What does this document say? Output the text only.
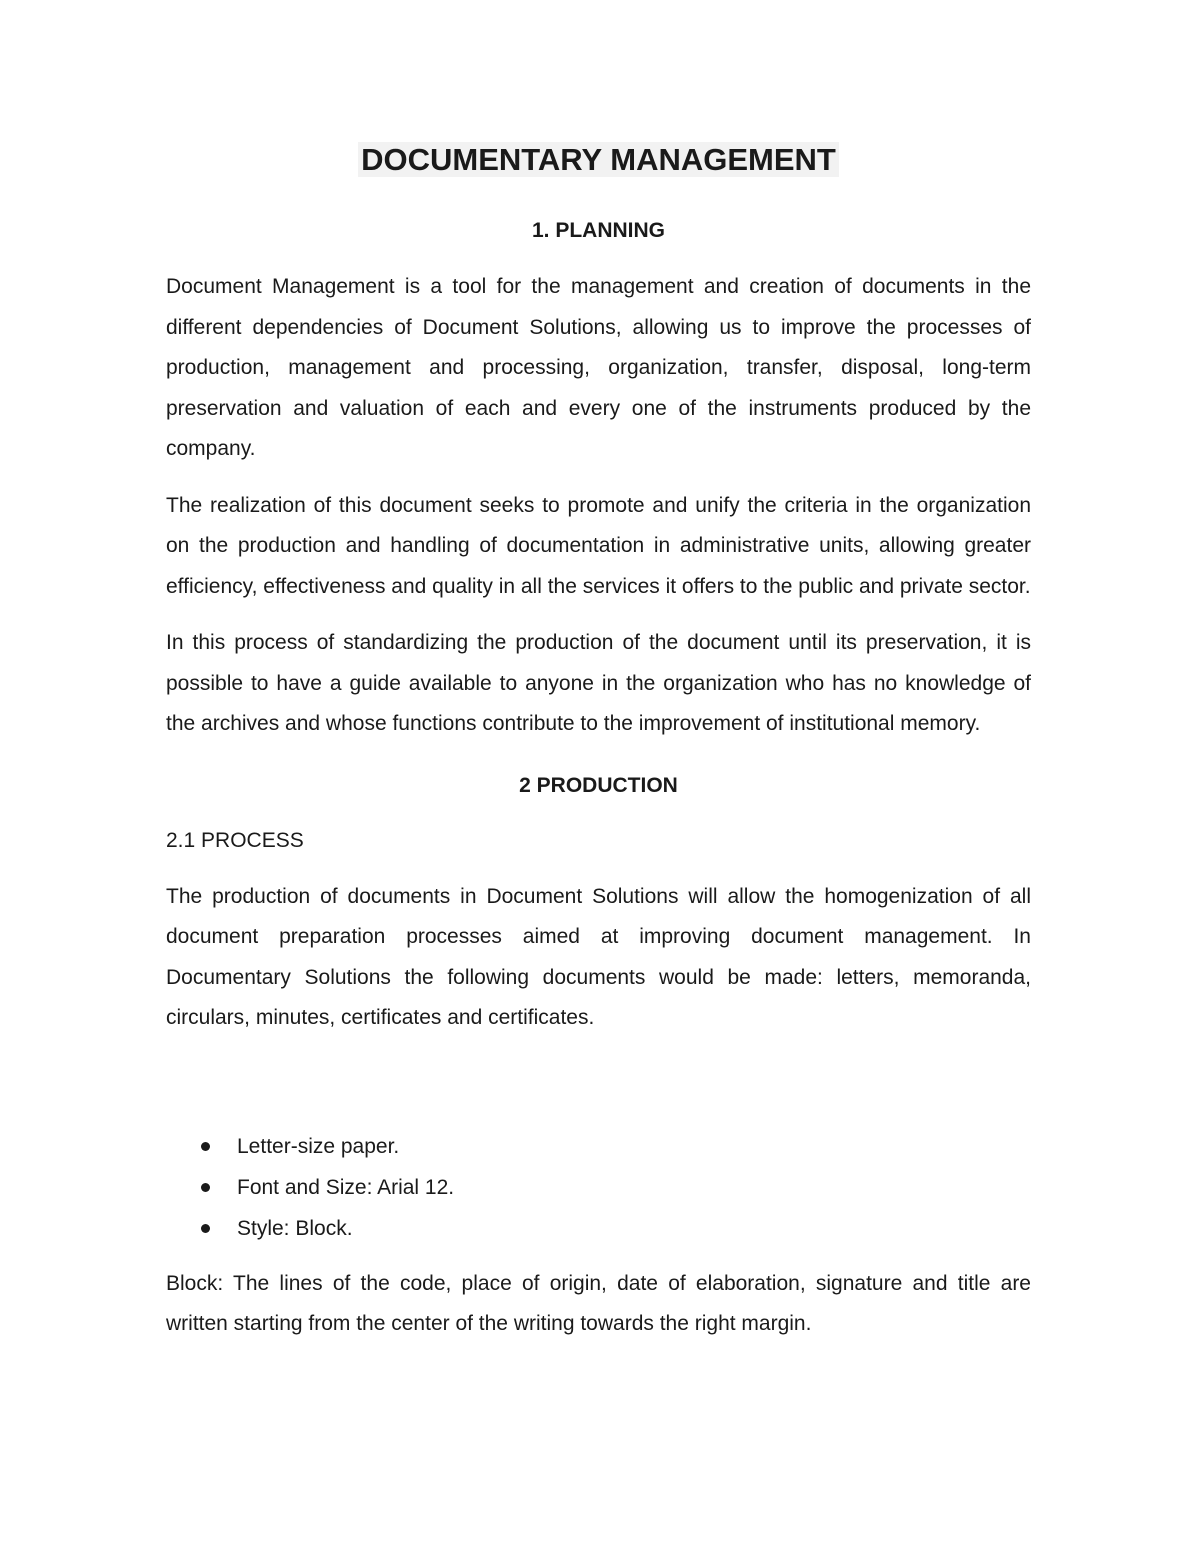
DOCUMENTARY MANAGEMENT
1. PLANNING

Document Management is a tool for the management and creation of documents in the different dependencies of Document Solutions, allowing us to improve the processes of production, management and processing, organization, transfer, disposal, long-term preservation and valuation of each and every one of the instruments produced by the company.

The realization of this document seeks to promote and unify the criteria in the organization on the production and handling of documentation in administrative units, allowing greater efficiency, effectiveness and quality in all the services it offers to the public and private sector.

In this process of standardizing the production of the document until its preservation, it is possible to have a guide available to anyone in the organization who has no knowledge of the archives and whose functions contribute to the improvement of institutional memory.

2 PRODUCTION
2.1 PROCESS

The production of documents in Document Solutions will allow the homogenization of all document preparation processes aimed at improving document management. In Documentary Solutions the following documents would be made: letters, memoranda, circulars, minutes, certificates and certificates.

Letter-size paper.
Font and Size: Arial 12.
Style: Block.

Block: The lines of the code, place of origin, date of elaboration, signature and title are written starting from the center of the writing towards the right margin.
